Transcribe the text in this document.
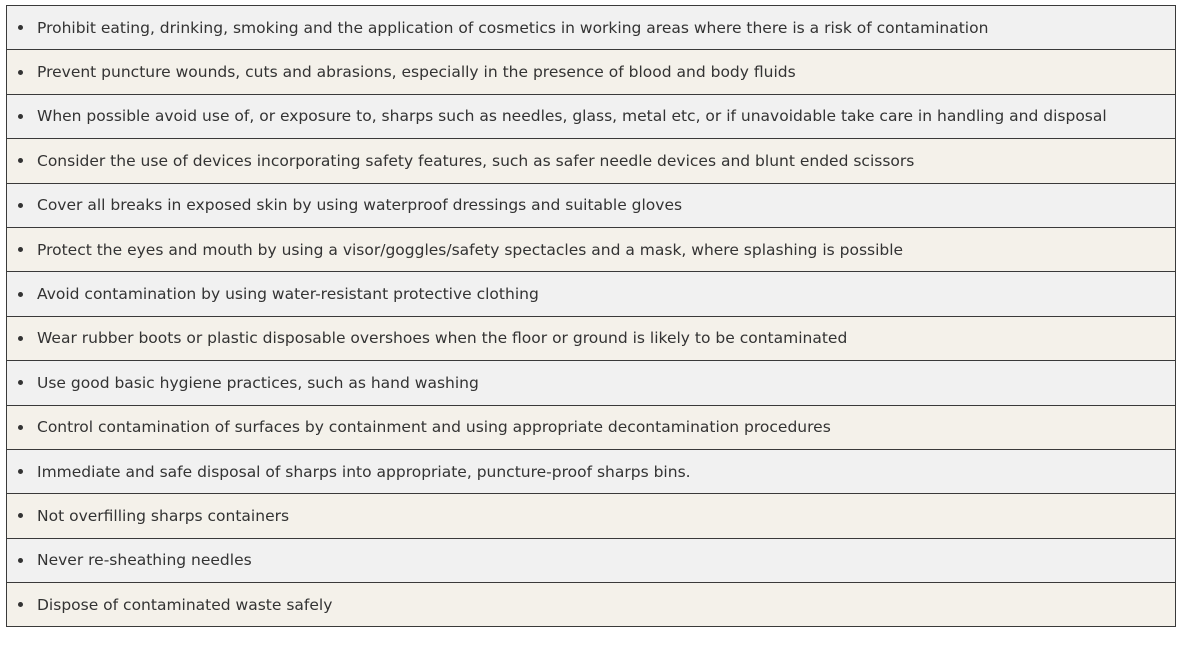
Prohibit eating, drinking, smoking and the application of cosmetics in working areas where there is a risk of contamination
Prevent puncture wounds, cuts and abrasions, especially in the presence of blood and body fluids
When possible avoid use of, or exposure to, sharps such as needles, glass, metal etc, or if unavoidable take care in handling and disposal
Consider the use of devices incorporating safety features, such as safer needle devices and blunt ended scissors
Cover all breaks in exposed skin by using waterproof dressings and suitable gloves
Protect the eyes and mouth by using a visor/goggles/safety spectacles and a mask, where splashing is possible
Avoid contamination by using water-resistant protective clothing
Wear rubber boots or plastic disposable overshoes when the floor or ground is likely to be contaminated
Use good basic hygiene practices, such as hand washing
Control contamination of surfaces by containment and using appropriate decontamination procedures
Immediate and safe disposal of sharps into appropriate, puncture-proof sharps bins.
Not overfilling sharps containers
Never re-sheathing needles
Dispose of contaminated waste safely
